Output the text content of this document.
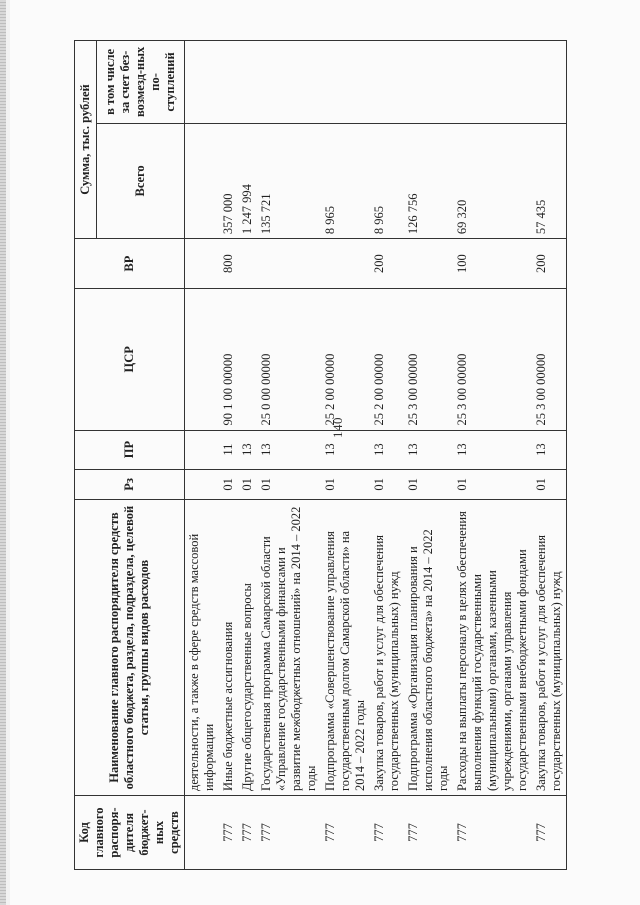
140
Код главного распоря-дителя бюджет-ных средств	Наименование главного распорядителя средств областного бюджета, раздела, подраздела, целевой статьи, группы видов расходов	Рз	ПР	ЦСР	ВР	Сумма, тыс. рублей	
						Всего	в том числе за счет без-возмезд-ных по-ступлений
	деятельности, а также в сфере средств массовой информации						
777	Иные бюджетные ассигнования	01	11	90 1 00 00000	800	357 000	
777	Другие общегосударственные вопросы	01	13			1 247 994	
777	Государственная программа Самарской области «Управление государственными финансами и развитие межбюджетных отношений» на 2014 – 2022 годы	01	13	25 0 00 00000		135 721	
777	Подпрограмма «Совершенствование управления государственным долгом Самарской области» на 2014 – 2022 годы	01	13	25 2 00 00000		8 965	
777	Закупка товаров, работ и услуг для обеспечения государственных (муниципальных) нужд	01	13	25 2 00 00000	200	8 965	
777	Подпрограмма «Организация планирования и исполнения областного бюджета» на 2014 – 2022 годы	01	13	25 3 00 00000		126 756	
777	Расходы на выплаты персоналу в целях обеспечения выполнения функций государственными (муниципальными) органами, казенными учреждениями, органами управления государственными внебюджетными фондами	01	13	25 3 00 00000	100	69 320	
777	Закупка товаров, работ и услуг для обеспечения государственных (муниципальных) нужд	01	13	25 3 00 00000	200	57 435	
